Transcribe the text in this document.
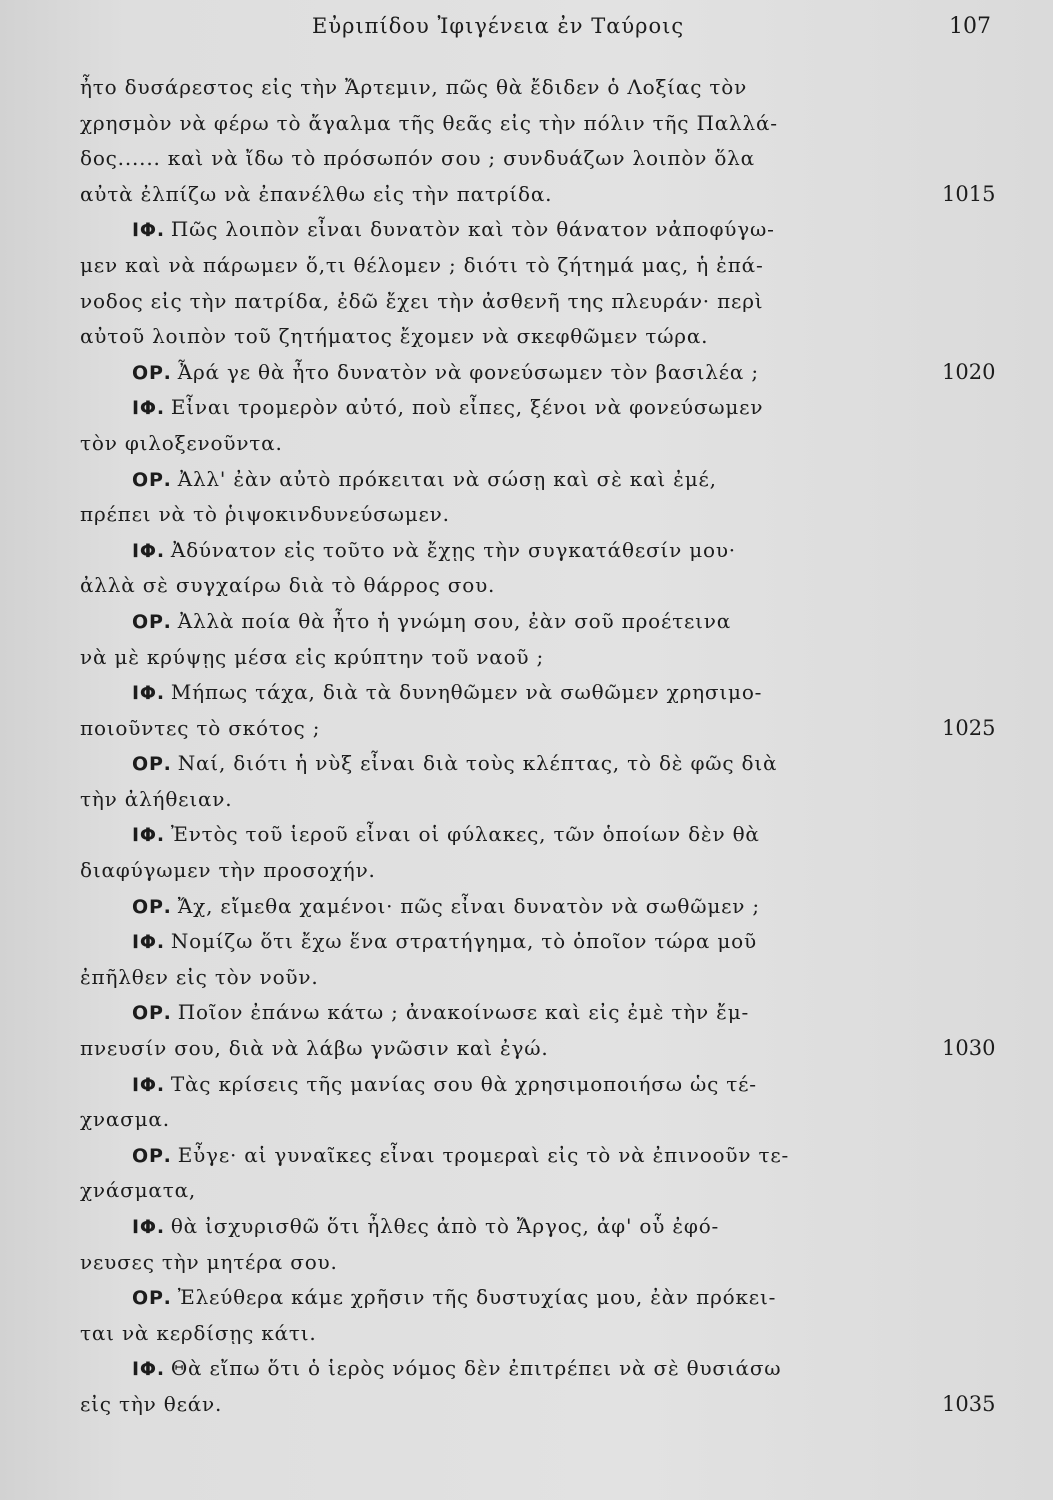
Εὐριπίδου Ἰφιγένεια ἐν Ταύροις	107
ἦτο δυσάρεστος εἰς τὴν Ἄρτεμιν, πῶς θὰ ἔδιδεν ὁ Λοξίας τὸν
χρησμὸν νὰ φέρω τὸ ἄγαλμα τῆς θεᾶς εἰς τὴν πόλιν τῆς Παλλά-
δος...... καὶ νὰ ἴδω τὸ πρόσωπόν σου ; συνδυάζων λοιπὸν ὅλα
αὐτὰ ἐλπίζω νὰ ἐπανέλθω εἰς τὴν πατρίδα.	1015
ΙΦ. Πῶς λοιπὸν εἶναι δυνατὸν καὶ τὸν θάνατον νἀποφύγω-
μεν καὶ νὰ πάρωμεν ὅ,τι θέλομεν ; διότι τὸ ζήτημά μας, ἡ ἐπά-
νοδος εἰς τὴν πατρίδα, ἐδῶ ἔχει τὴν ἀσθενῆ της πλευράν· περὶ
αὐτοῦ λοιπὸν τοῦ ζητήματος ἔχομεν νὰ σκεφθῶμεν τώρα.
ΟΡ. Ἆρά γε θὰ ἦτο δυνατὸν νὰ φονεύσωμεν τὸν βασιλέα ;	1020
ΙΦ. Εἶναι τρομερὸν αὐτό, ποὺ εἶπες, ξένοι νὰ φονεύσωμεν
τὸν φιλοξενοῦντα.
ΟΡ. Ἀλλ' ἐὰν αὐτὸ πρόκειται νὰ σώσῃ καὶ σὲ καὶ ἐμέ,
πρέπει νὰ τὸ ῥιψοκινδυνεύσωμεν.
ΙΦ. Ἀδύνατον εἰς τοῦτο νὰ ἔχῃς τὴν συγκατάθεσίν μου·
ἀλλὰ σὲ συγχαίρω διὰ τὸ θάρρος σου.
ΟΡ. Ἀλλὰ ποία θὰ ἦτο ἡ γνώμη σου, ἐὰν σοῦ προέτεινα
νὰ μὲ κρύψῃς μέσα εἰς κρύπτην τοῦ ναοῦ ;
ΙΦ. Μήπως τάχα, διὰ τὰ δυνηθῶμεν νὰ σωθῶμεν χρησιμο-
ποιοῦντες τὸ σκότος ;	1025
ΟΡ. Ναί, διότι ἡ νὺξ εἶναι διὰ τοὺς κλέπτας, τὸ δὲ φῶς διὰ
τὴν ἀλήθειαν.
ΙΦ. Ἐντὸς τοῦ ἱεροῦ εἶναι οἱ φύλακες, τῶν ὁποίων δὲν θὰ
διαφύγωμεν τὴν προσοχήν.
ΟΡ. Ἄχ, εἴμεθα χαμένοι· πῶς εἶναι δυνατὸν νὰ σωθῶμεν ;
ΙΦ. Νομίζω ὅτι ἔχω ἕνα στρατήγημα, τὸ ὁποῖον τώρα μοῦ
ἐπῆλθεν εἰς τὸν νοῦν.
ΟΡ. Ποῖον ἐπάνω κάτω ; ἀνακοίνωσε καὶ εἰς ἐμὲ τὴν ἔμ-
πνευσίν σου, διὰ νὰ λάβω γνῶσιν καὶ ἐγώ.	1030
ΙΦ. Τὰς κρίσεις τῆς μανίας σου θὰ χρησιμοποιήσω ὡς τέ-
χνασμα.
ΟΡ. Εὖγε· αἱ γυναῖκες εἶναι τρομεραὶ εἰς τὸ νὰ ἐπινοοῦν τε-
χνάσματα,
ΙΦ. θὰ ἰσχυρισθῶ ὅτι ἦλθες ἀπὸ τὸ Ἄργος, ἀφ' οὗ ἐφό-
νευσες τὴν μητέρα σου.
ΟΡ. Ἐλεύθερα κάμε χρῆσιν τῆς δυστυχίας μου, ἐὰν πρόκει-
ται νὰ κερδίσῃς κάτι.
ΙΦ. Θὰ εἴπω ὅτι ὁ ἱερὸς νόμος δὲν ἐπιτρέπει νὰ σὲ θυσιάσω
εἰς τὴν θεάν.	1035
